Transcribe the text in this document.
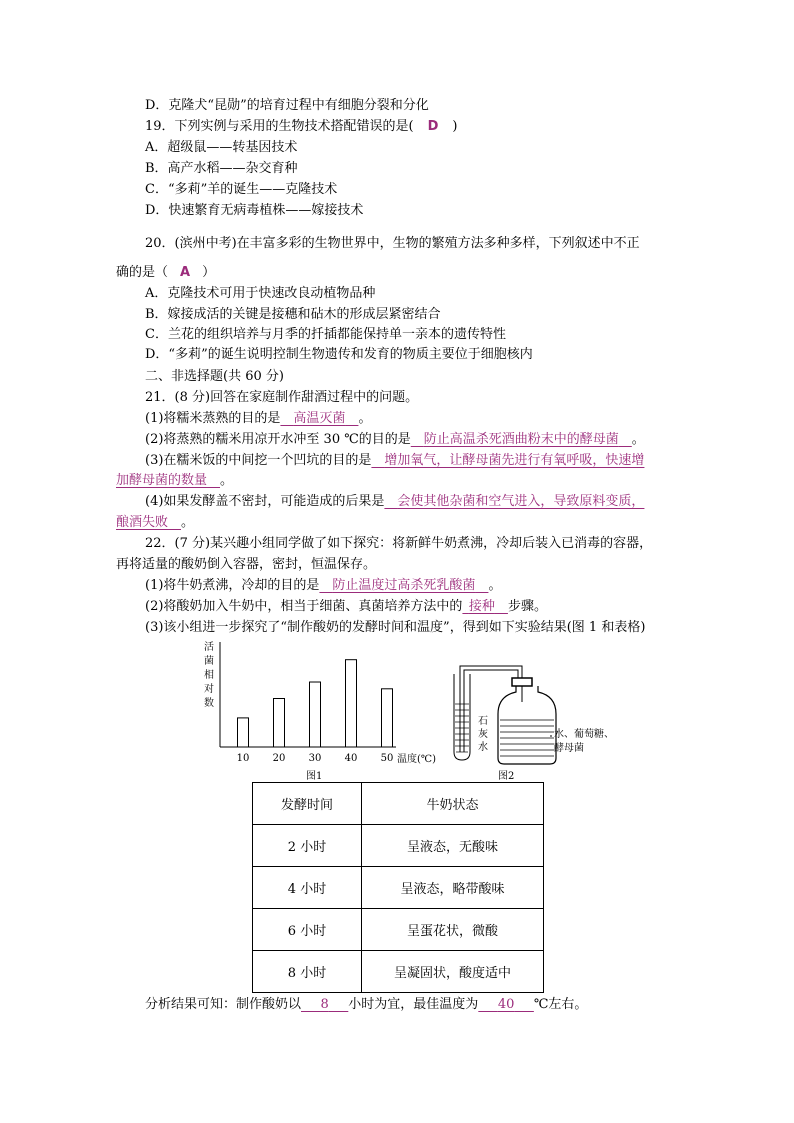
D．克隆犬“昆勋”的培育过程中有细胞分裂和分化
19．下列实例与采用的生物技术搭配错误的是( D )
A．超级鼠——转基因技术
B．高产水稻——杂交育种
C．“多莉”羊的诞生——克隆技术
D．快速繁育无病毒植株——嫁接技术
20．(滨州中考)在丰富多彩的生物世界中，生物的繁殖方法多种多样，下列叙述中不正
确的是（ A ）
A．克隆技术可用于快速改良动植物品种
B．嫁接成活的关键是接穗和砧木的形成层紧密结合
C．兰花的组织培养与月季的扦插都能保持单一亲本的遗传特性
D．“多莉”的诞生说明控制生物遗传和发育的物质主要位于细胞核内
二、非选择题(共 60 分)
21．(8 分)回答在家庭制作甜酒过程中的问题。
(1)将糯米蒸熟的目的是   高温灭菌   。
(2)将蒸熟的糯米用凉开水冲至 30 ℃的目的是   防止高温杀死酒曲粉末中的酵母菌   。
(3)在糯米饭的中间挖一个凹坑的目的是   增加氧气，让酵母菌先进行有氧呼吸，快速增
加酵母菌的数量   。
(4)如果发酵盖不密封，可能造成的后果是   会使其他杂菌和空气进入，导致原料变质，
酿酒失败   。
22．(7 分)某兴趣小组同学做了如下探究：将新鲜牛奶煮沸，冷却后装入已消毒的容器，
再将适量的酸奶倒入容器，密封，恒温保存。
(1)将牛奶煮沸，冷却的目的是   防止温度过高杀死乳酸菌   。
(2)将酸奶加入牛奶中，相当于细菌、真菌培养方法中的  接种   步骤。
(3)该小组进一步探究了“制作酸奶的发酵时间和温度”，得到如下实验结果(图 1 和表格)
活
菌
相
对
数
10 20 30 40 50 温度(℃)
图1
石
灰
水
水、葡萄糖、
酵母菌
图2
发酵时间	牛奶状态
2 小时	呈液态，无酸味
4 小时	呈液态，略带酸味
6 小时	呈蛋花状，微酸
8 小时	呈凝固状，酸度适中
分析结果可知：制作酸奶以    8    小时为宜，最佳温度为    40    ℃左右。
